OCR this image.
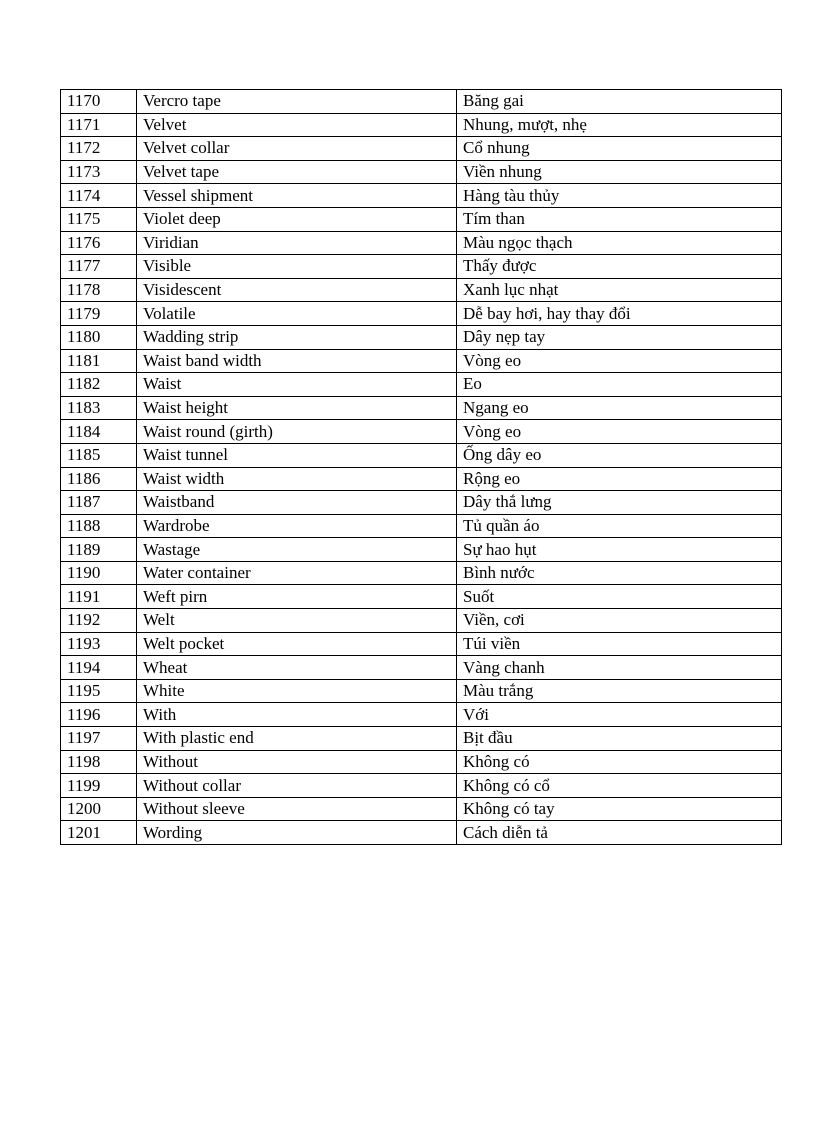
1170	Vercro tape	Băng gai
1171	Velvet	Nhung, mượt, nhẹ
1172	Velvet collar	Cổ nhung
1173	Velvet tape	Viền nhung
1174	Vessel shipment	Hàng tàu thủy
1175	Violet deep	Tím than
1176	Viridian	Màu ngọc thạch
1177	Visible	Thấy được
1178	Visidescent	Xanh lục nhạt
1179	Volatile	Dễ bay hơi, hay thay đổi
1180	Wadding strip	Dây nẹp tay
1181	Waist band width	Vòng eo
1182	Waist	Eo
1183	Waist height	Ngang eo
1184	Waist round (girth)	Vòng eo
1185	Waist tunnel	Ống dây eo
1186	Waist width	Rộng eo
1187	Waistband	Dây thắ lưng
1188	Wardrobe	Tủ quần áo
1189	Wastage	Sự hao hụt
1190	Water container	Bình nước
1191	Weft pirn	Suốt
1192	Welt	Viền, cơi
1193	Welt pocket	Túi viền
1194	Wheat	Vàng chanh
1195	White	Màu trắng
1196	With	Với
1197	With plastic end	Bịt đầu
1198	Without	Không có
1199	Without collar	Không có cổ
1200	Without sleeve	Không có tay
1201	Wording	Cách diễn tả
